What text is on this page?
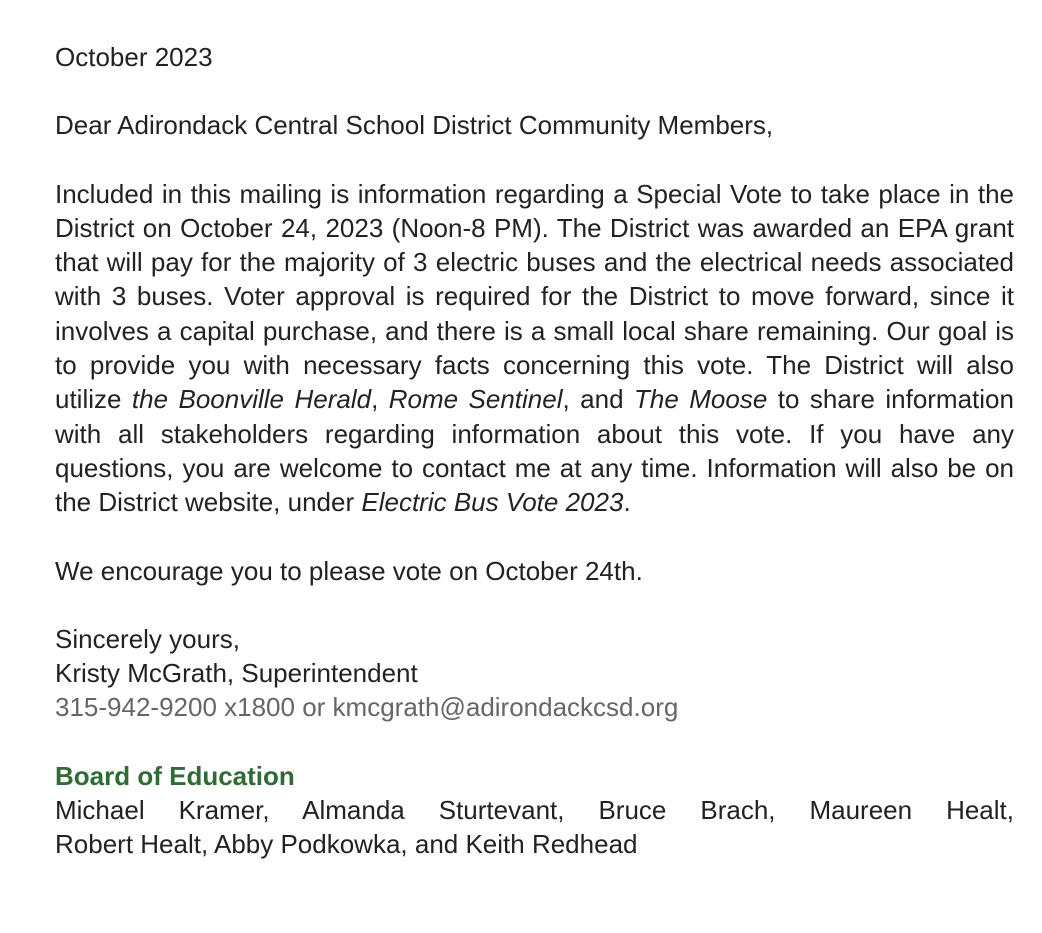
October 2023

Dear Adirondack Central School District Community Members,

Included in this mailing is information regarding a Special Vote to take place in the District on October 24, 2023 (Noon-8 PM). The District was awarded an EPA grant that will pay for the majority of 3 electric buses and the electrical needs associated with 3 buses. Voter approval is required for the District to move forward, since it involves a capital purchase, and there is a small local share remaining. Our goal is to provide you with necessary facts concerning this vote. The District will also utilize the Boonville Herald, Rome Sentinel, and The Moose to share information with all stakeholders regarding information about this vote. If you have any questions, you are welcome to contact me at any time. Information will also be on the District website, under Electric Bus Vote 2023.

We encourage you to please vote on October 24th.

Sincerely yours,

Kristy McGrath, Superintendent

315-942-9200 x1800 or kmcgrath@adirondackcsd.org

Board of Education

Michael Kramer, Almanda Sturtevant, Bruce Brach, Maureen Healt,
Robert Healt, Abby Podkowka, and Keith Redhead
